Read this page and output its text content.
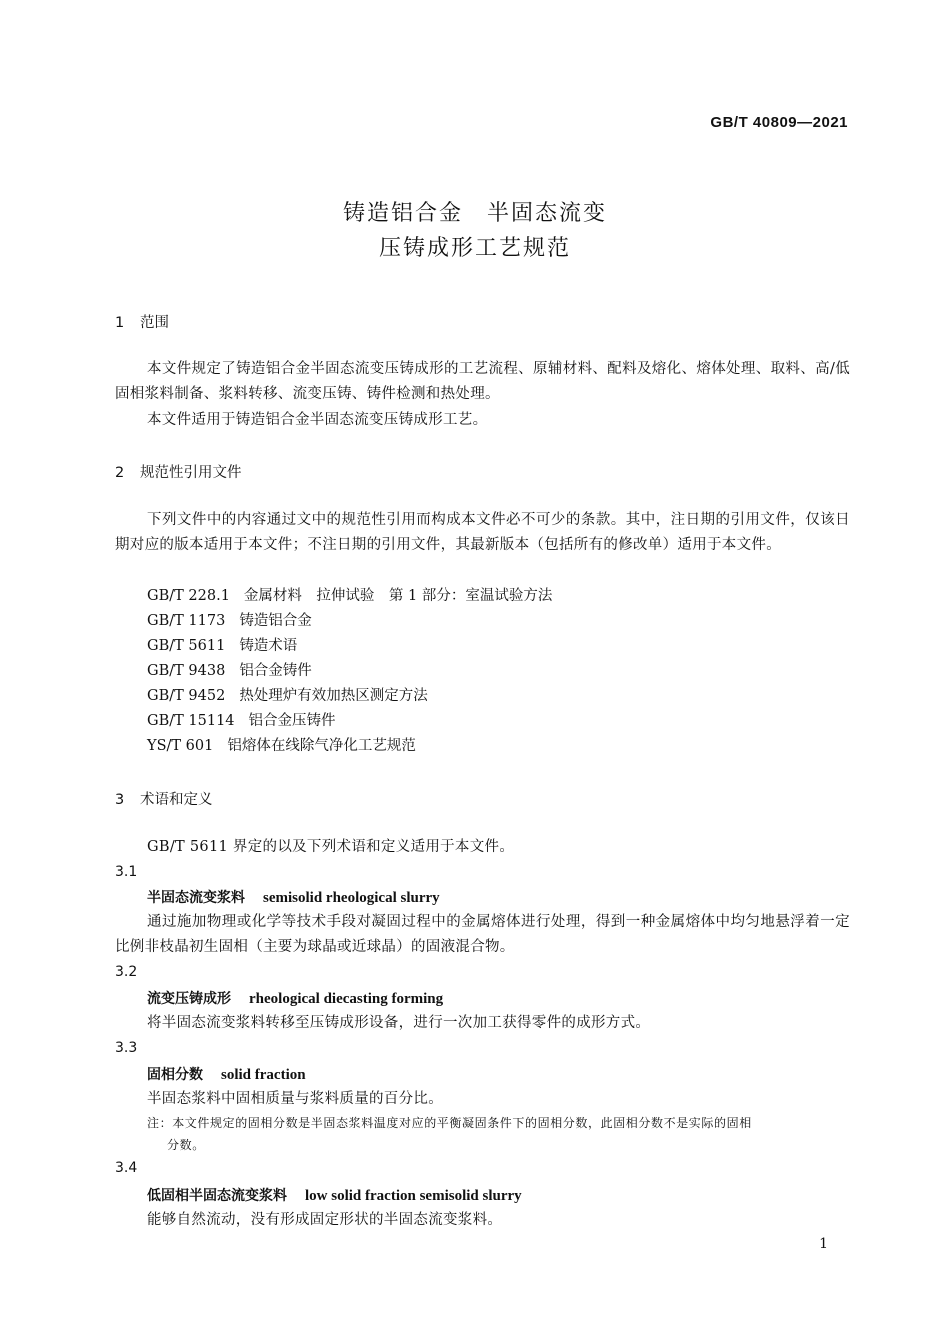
GB/T 40809—2021
铸造铝合金　半固态流变
压铸成形工艺规范
1 范围
本文件规定了铸造铝合金半固态流变压铸成形的工艺流程、原辅材料、配料及熔化、熔体处理、取料、高/低固相浆料制备、浆料转移、流变压铸、铸件检测和热处理。
本文件适用于铸造铝合金半固态流变压铸成形工艺。
2 规范性引用文件
下列文件中的内容通过文中的规范性引用而构成本文件必不可少的条款。其中，注日期的引用文件，仅该日期对应的版本适用于本文件；不注日期的引用文件，其最新版本（包括所有的修改单）适用于本文件。
GB/T 228.1 金属材料　拉伸试验　第 1 部分：室温试验方法
GB/T 1173 铸造铝合金
GB/T 5611 铸造术语
GB/T 9438 铝合金铸件
GB/T 9452 热处理炉有效加热区测定方法
GB/T 15114 铝合金压铸件
YS/T 601 铝熔体在线除气净化工艺规范
3 术语和定义
GB/T 5611 界定的以及下列术语和定义适用于本文件。
3.1
半固态流变浆料 semisolid rheological slurry
通过施加物理或化学等技术手段对凝固过程中的金属熔体进行处理，得到一种金属熔体中均匀地悬浮着一定比例非枝晶初生固相（主要为球晶或近球晶）的固液混合物。
3.2
流变压铸成形 rheological diecasting forming
将半固态流变浆料转移至压铸成形设备，进行一次加工获得零件的成形方式。
3.3
固相分数 solid fraction
半固态浆料中固相质量与浆料质量的百分比。
注：本文件规定的固相分数是半固态浆料温度对应的平衡凝固条件下的固相分数，此固相分数不是实际的固相
分数。
3.4
低固相半固态流变浆料 low solid fraction semisolid slurry
能够自然流动，没有形成固定形状的半固态流变浆料。
1
